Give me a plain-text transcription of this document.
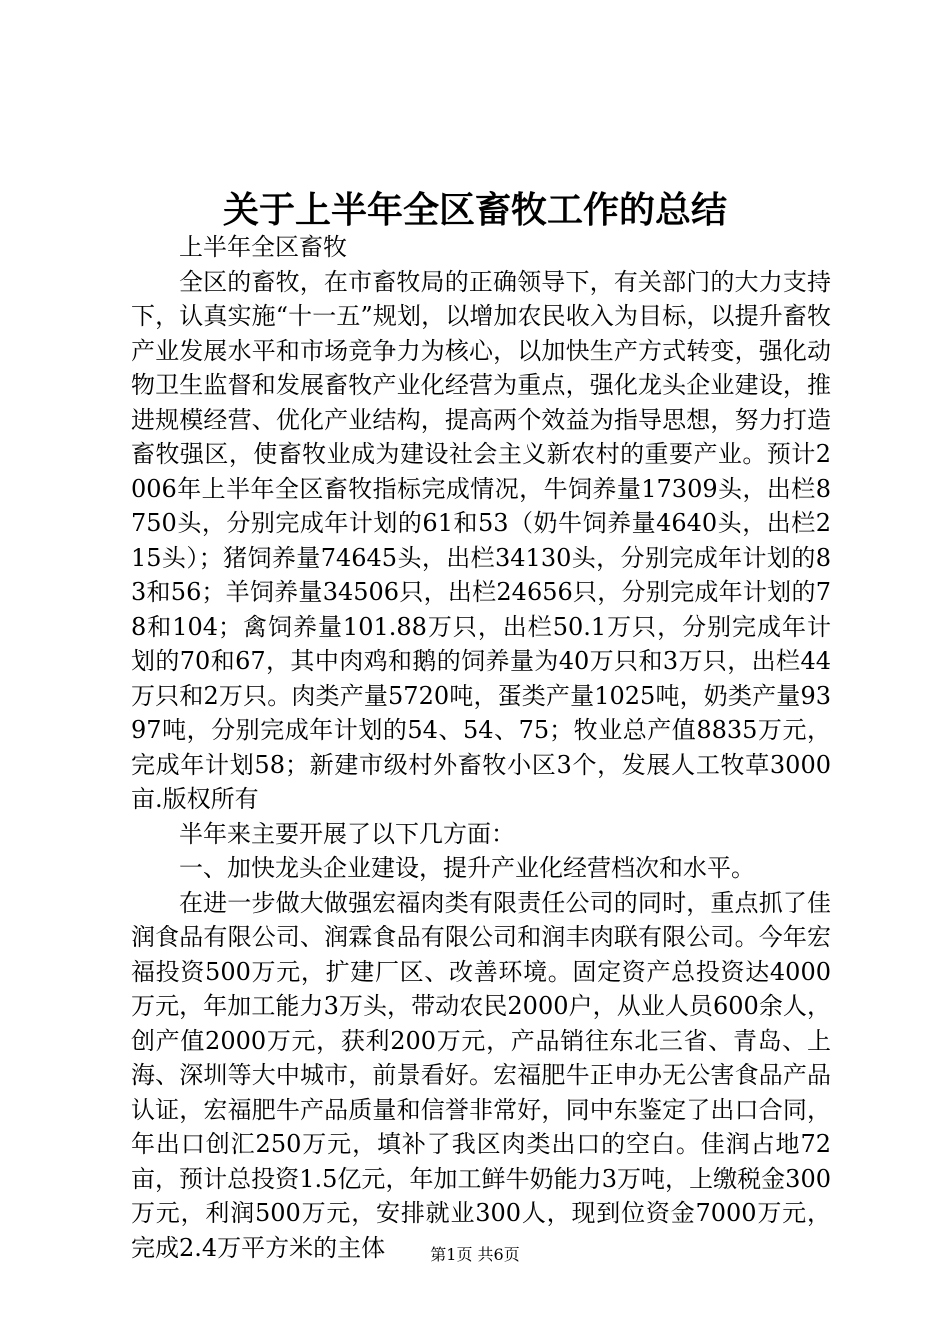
关于上半年全区畜牧工作的总结

上半年全区畜牧

全区的畜牧，在市畜牧局的正确领导下，有关部门的大力支持下，认真实施“十一五”规划，以增加农民收入为目标，以提升畜牧产业发展水平和市场竞争力为核心，以加快生产方式转变，强化动物卫生监督和发展畜牧产业化经营为重点，强化龙头企业建设，推进规模经营、优化产业结构，提高两个效益为指导思想，努力打造畜牧强区，使畜牧业成为建设社会主义新农村的重要产业。预计2006年上半年全区畜牧指标完成情况，牛饲养量17309头，出栏8750头，分别完成年计划的61和53（奶牛饲养量4640头，出栏215头）；猪饲养量74645头，出栏34130头，分别完成年计划的83和56；羊饲养量34506只，出栏24656只，分别完成年计划的78和104；禽饲养量101.88万只，出栏50.1万只，分别完成年计划的70和67，其中肉鸡和鹅的饲养量为40万只和3万只，出栏44万只和2万只。肉类产量5720吨，蛋类产量1025吨，奶类产量9397吨，分别完成年计划的54、54、75；牧业总产值8835万元，完成年计划58；新建市级村外畜牧小区3个，发展人工牧草3000亩.版权所有

半年来主要开展了以下几方面：

一、加快龙头企业建设，提升产业化经营档次和水平。

在进一步做大做强宏福肉类有限责任公司的同时，重点抓了佳润食品有限公司、润霖食品有限公司和润丰肉联有限公司。今年宏福投资500万元，扩建厂区、改善环境。固定资产总投资达4000万元，年加工能力3万头，带动农民2000户，从业人员600余人，创产值2000万元，获利200万元，产品销往东北三省、青岛、上海、深圳等大中城市，前景看好。宏福肥牛正申办无公害食品产品认证，宏福肥牛产品质量和信誉非常好，同中东鉴定了出口合同，年出口创汇250万元，填补了我区肉类出口的空白。佳润占地72亩，预计总投资1.5亿元，年加工鲜牛奶能力3万吨，上缴税金300万元，利润500万元，安排就业300人，现到位资金7000万元，完成2.4万平方米的主体	第1页 共6页
